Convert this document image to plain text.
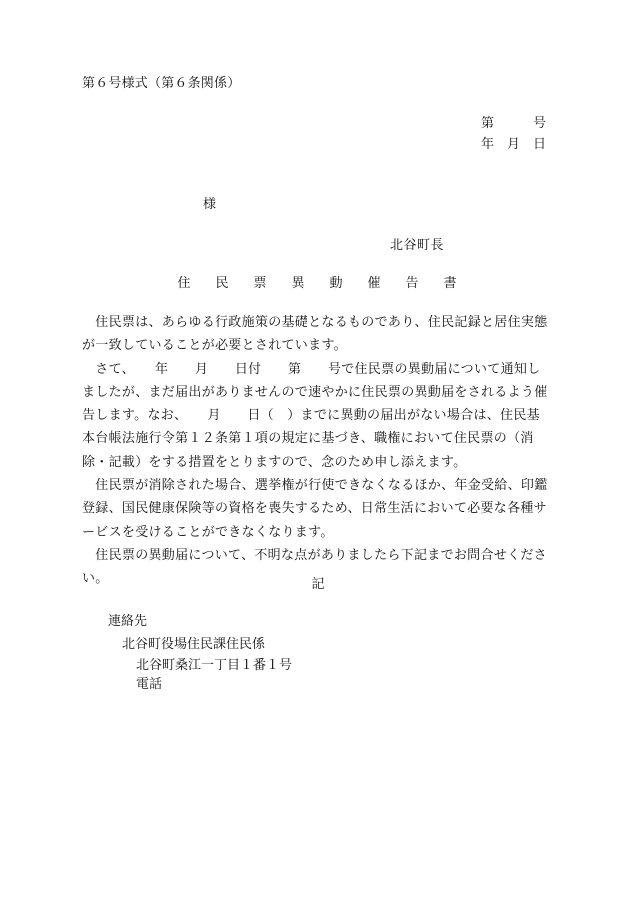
第６号様式（第６条関係）
第　　　号
年　月　日
様
北谷町長
住　民　票　異　動　催　告　書
　住民票は、あらゆる行政施策の基礎となるものであり、住民記録と居住実態
が一致していることが必要とされています。
　さて、　　年　　月　　日付　　第　　号で住民票の異動届について通知し
ましたが、まだ届出がありませんので速やかに住民票の異動届をされるよう催
告します。なお、　　月　　日（　）までに異動の届出がない場合は、住民基
本台帳法施行令第１２条第１項の規定に基づき、職権において住民票の（消
除・記載）をする措置をとりますので、念のため申し添えます。
　住民票が消除された場合、選挙権が行使できなくなるほか、年金受給、印鑑
登録、国民健康保険等の資格を喪失するため、日常生活において必要な各種サ
ービスを受けることができなくなります。
　住民票の異動届について、不明な点がありましたら下記までお問合せくださ
い。	記
連絡先
北谷町役場住民課住民係
北谷町桑江一丁目１番１号
電話
